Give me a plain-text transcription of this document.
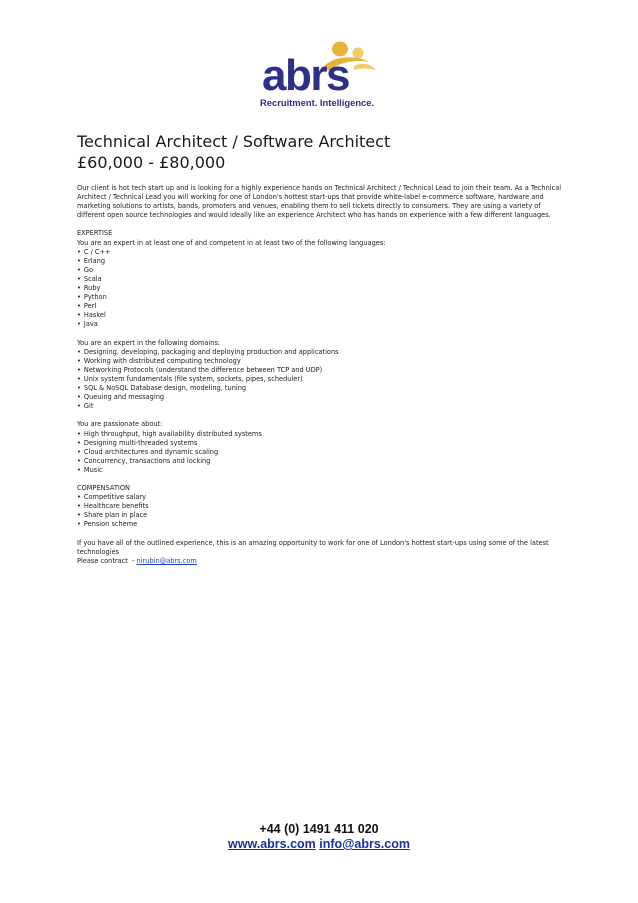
abrs
Recruitment. Intelligence.
Technical Architect / Software Architect
£60,000 - £80,000

Our client is hot tech start up and is looking for a highly experience hands on Technical Architect / Technical Lead to join their team. As a Technical Architect / Technical Lead you will working for one of London's hottest start-ups that provide white-label e-commerce software, hardware and marketing solutions to artists, bands, promoters and venues, enabling them to sell tickets directly to consumers. They are using a variety of different open source technologies and would ideally like an experience Architect who has hands on experience with a few different languages.

EXPERTISE

You are an expert in at least one of and competent in at least two of the following languages:

• C / C++
• Erlang
• Go
• Scala
• Ruby
• Python
• Perl
• Haskel
• Java

You are an expert in the following domains:

• Designing, developing, packaging and deploying production and applications
• Working with distributed computing technology
• Networking Protocols (understand the difference between TCP and UDP)
• Unix system fundamentals (file system, sockets, pipes, scheduler)
• SQL & NoSQL Database design, modeling, tuning
• Queuing and messaging
• Git

You are passionate about:

• High throughput, high availability distributed systems
• Designing multi-threaded systems
• Cloud architectures and dynamic scaling
• Concurrency, transactions and locking
• Music

COMPENSATION

• Competitive salary
• Healthcare benefits
• Share plan in place
• Pension scheme

If you have all of the outlined experience, this is an amazing opportunity to work for one of London's hottest start-ups using some of the latest technologies

Please contract  - nirubin@abrs.com

+44 (0) 1491 411 020
www.abrs.com info@abrs.com
